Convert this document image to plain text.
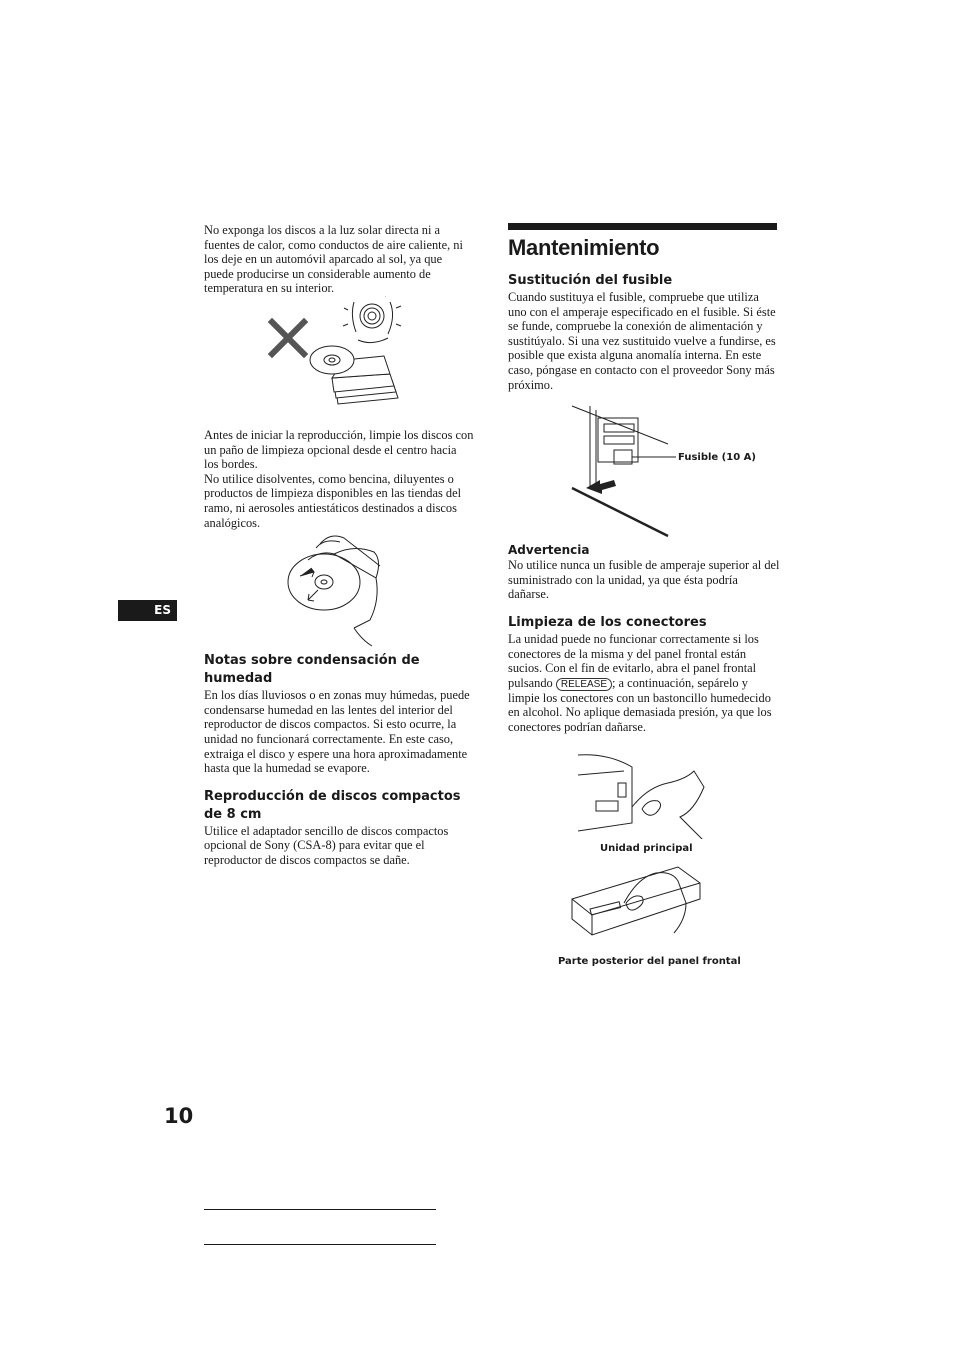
No exponga los discos a la luz solar directa ni a fuentes de calor, como conductos de aire caliente, ni los deje en un automóvil aparcado al sol, ya que puede producirse un considerable aumento de temperatura en su interior.

Antes de iniciar la reproducción, limpie los discos con un paño de limpieza opcional desde el centro hacia los bordes.

No utilice disolventes, como bencina, diluyentes o productos de limpieza disponibles en las tiendas del ramo, ni aerosoles antiestáticos destinados a discos analógicos.

Notas sobre condensación de humedad

En los días lluviosos o en zonas muy húmedas, puede condensarse humedad en las lentes del interior del reproductor de discos compactos. Si esto ocurre, la unidad no funcionará correctamente. En este caso, extraiga el disco y espere una hora aproximadamente hasta que la humedad se evapore.

Reproducción de discos compactos de 8 cm

Utilice el adaptador sencillo de discos compactos opcional de Sony (CSA-8) para evitar que el reproductor de discos compactos se dañe.

Mantenimiento

Sustitución del fusible

Cuando sustituya el fusible, compruebe que utiliza uno con el amperaje especificado en el fusible. Si éste se funde, compruebe la conexión de alimentación y sustitúyalo. Si una vez sustituido vuelve a fundirse, es posible que exista alguna anomalía interna. En este caso, póngase en contacto con el proveedor Sony más próximo.

Fusible (10 A)

Advertencia

No utilice nunca un fusible de amperaje superior al del suministrado con la unidad, ya que ésta podría dañarse.

Limpieza de los conectores

La unidad puede no funcionar correctamente si los conectores de la misma y del panel frontal están sucios. Con el fin de evitarlo, abra el panel frontal pulsando RELEASE ; a continuación, sepárelo y limpie los conectores con un bastoncillo humedecido en alcohol. No aplique demasiada presión, ya que los conectores podrían dañarse.

Unidad principal
Parte posterior del panel frontal
ES
10
